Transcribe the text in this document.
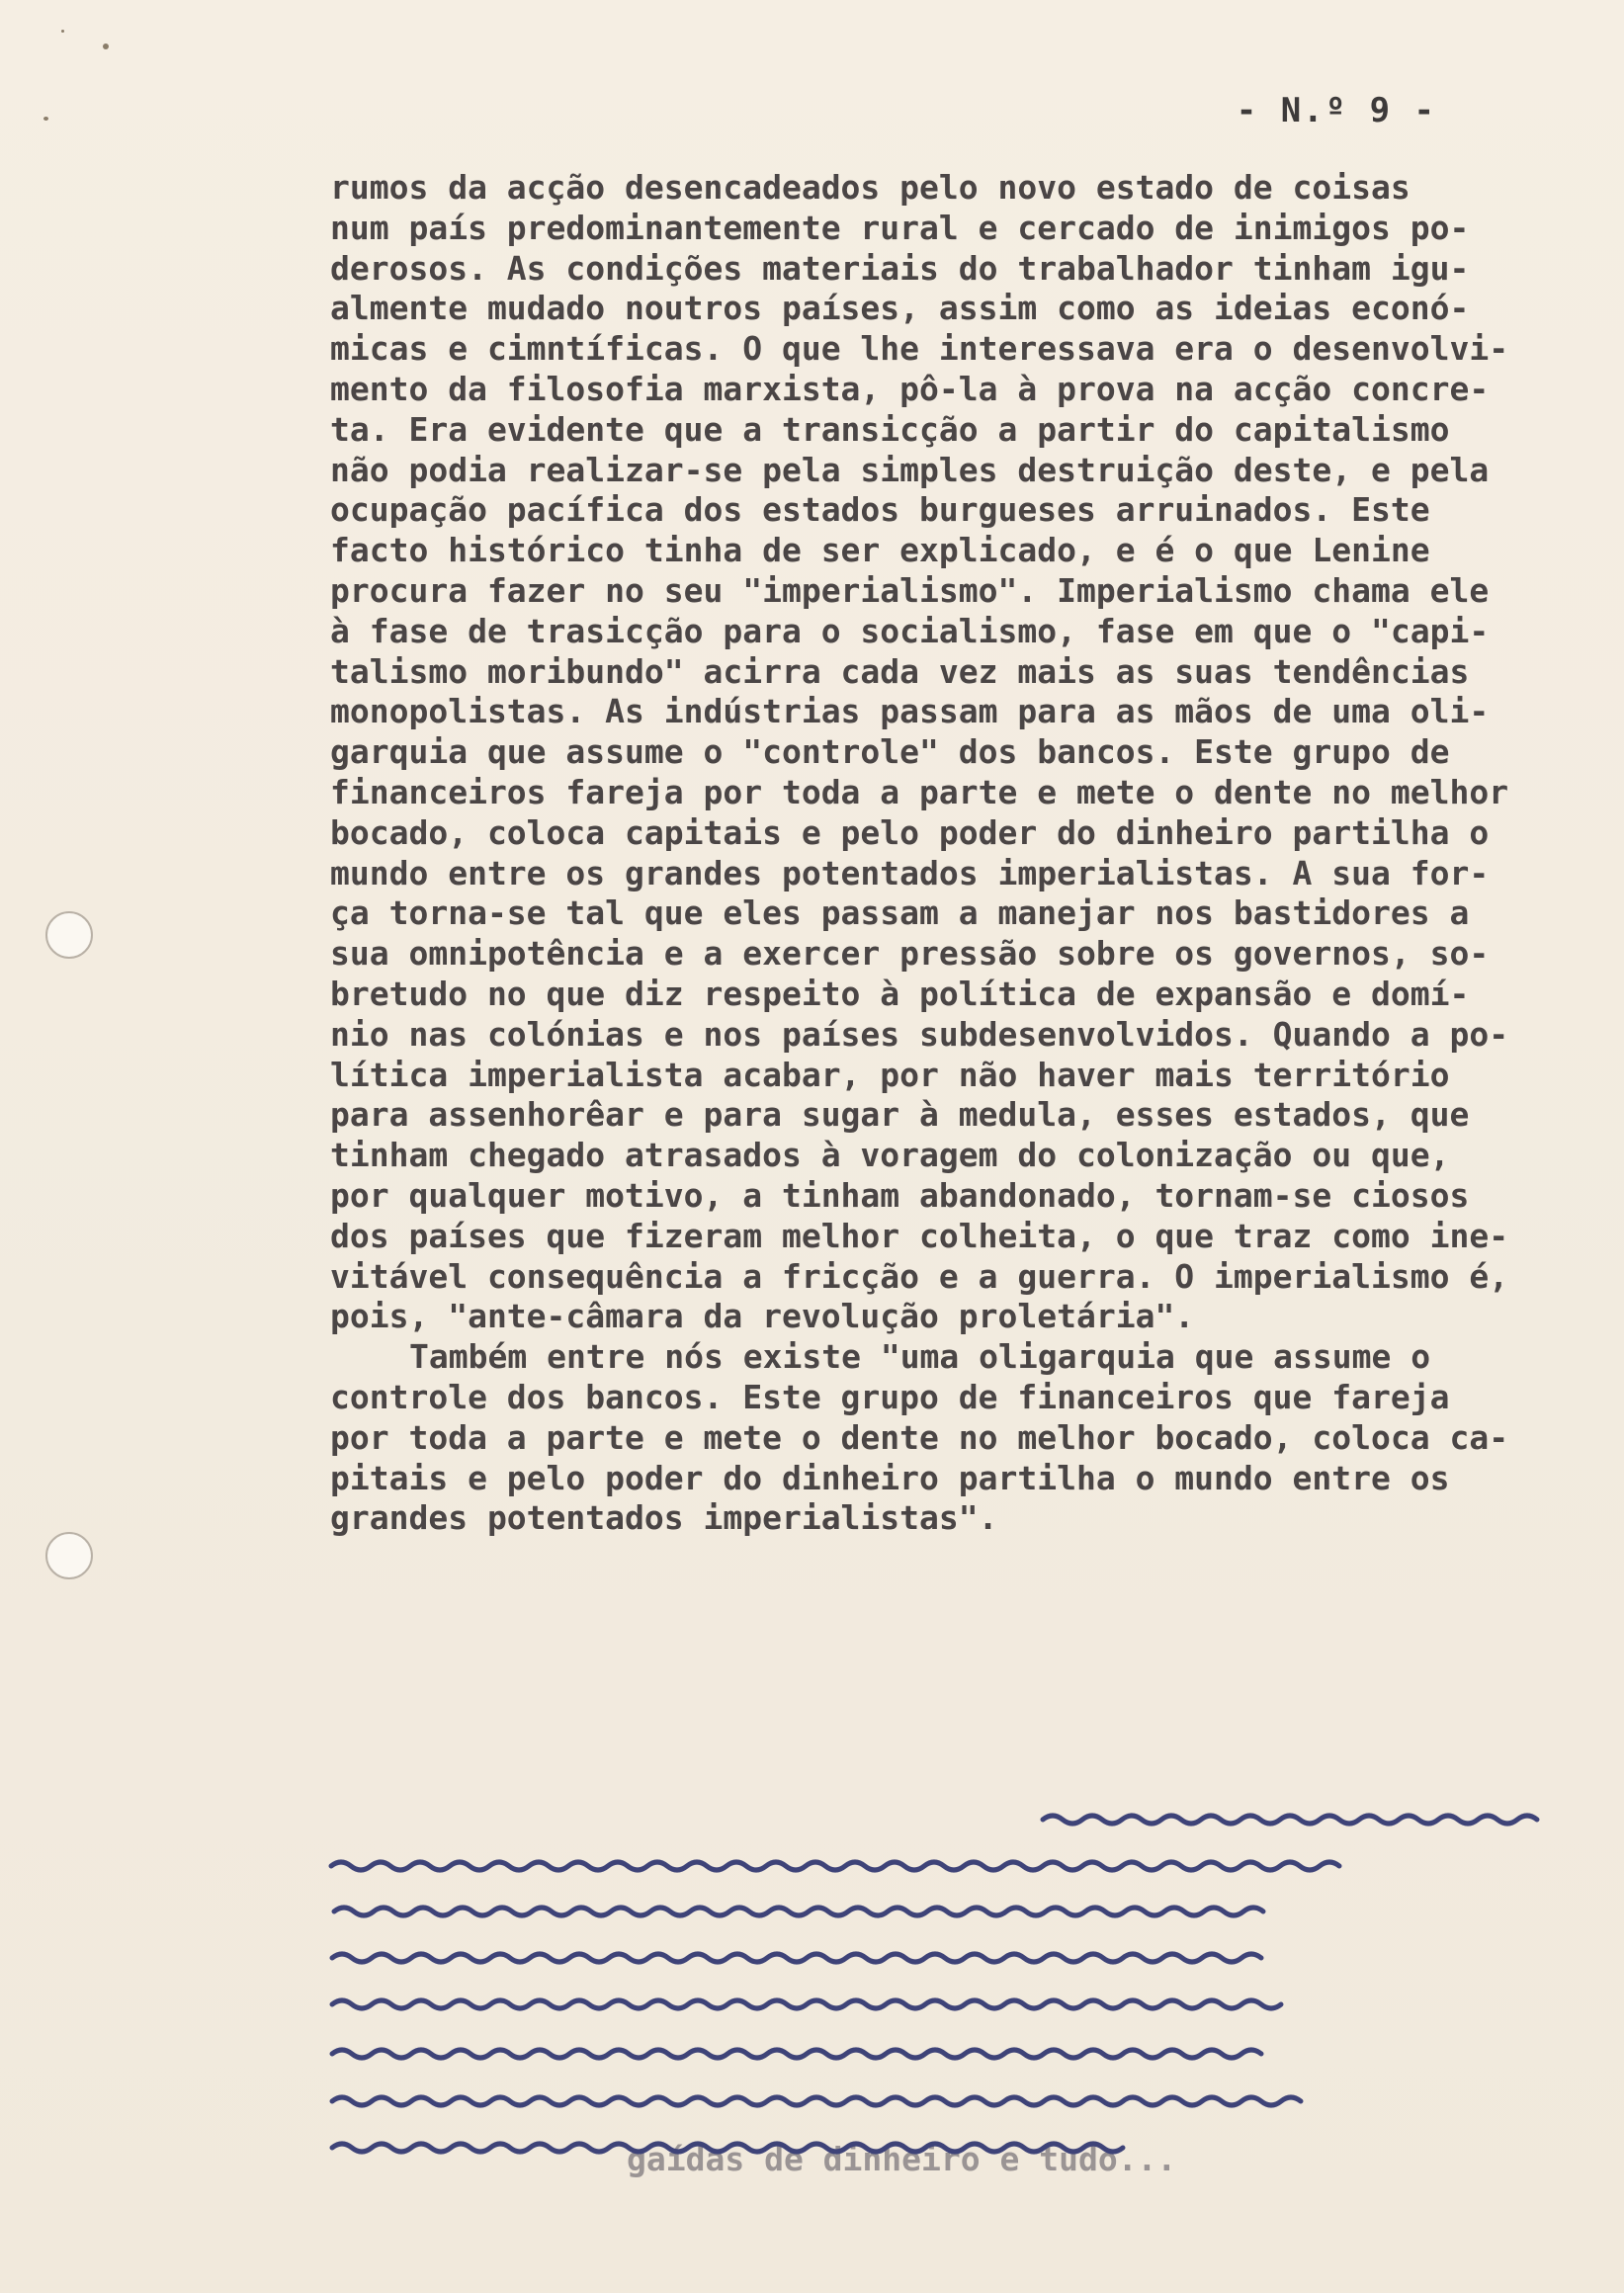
- N.º 9 -
rumos da acção desencadeados pelo novo estado de coisas
num país predominantemente rural e cercado de inimigos po-
derosos. As condições materiais do trabalhador tinham igu-
almente mudado noutros países, assim como as ideias econó-
micas e cimntíficas. O que lhe interessava era o desenvolvi-
mento da filosofia marxista, pô-la à prova na acção concre-
ta. Era evidente que a transicção a partir do capitalismo
não podia realizar-se pela simples destruição deste, e pela
ocupação pacífica dos estados burgueses arruinados. Este
facto histórico tinha de ser explicado, e é o que Lenine
procura fazer no seu "imperialismo". Imperialismo chama ele
à fase de trasicção para o socialismo, fase em que o "capi-
talismo moribundo" acirra cada vez mais as suas tendências
monopolistas. As indústrias passam para as mãos de uma oli-
garquia que assume o "controle" dos bancos. Este grupo de
financeiros fareja por toda a parte e mete o dente no melhor
bocado, coloca capitais e pelo poder do dinheiro partilha o
mundo entre os grandes potentados imperialistas. A sua for-
ça torna-se tal que eles passam a manejar nos bastidores a
sua omnipotência e a exercer pressão sobre os governos, so-
bretudo no que diz respeito à política de expansão e domí-
nio nas colónias e nos países subdesenvolvidos. Quando a po-
lítica imperialista acabar, por não haver mais território
para assenhorêar e para sugar à medula, esses estados, que
tinham chegado atrasados à voragem do colonização ou que,
por qualquer motivo, a tinham abandonado, tornam-se ciosos
dos países que fizeram melhor colheita, o que traz como ine-
vitável consequência a fricção e a guerra. O imperialismo é,
pois, "ante-câmara da revolução proletária".
Também entre nós existe "uma oligarquia que assume o
controle dos bancos. Este grupo de financeiros que fareja
por toda a parte e mete o dente no melhor bocado, coloca ca-
pitais e pelo poder do dinheiro partilha o mundo entre os
grandes potentados imperialistas".
gaídas de dinheiro e tudo...
